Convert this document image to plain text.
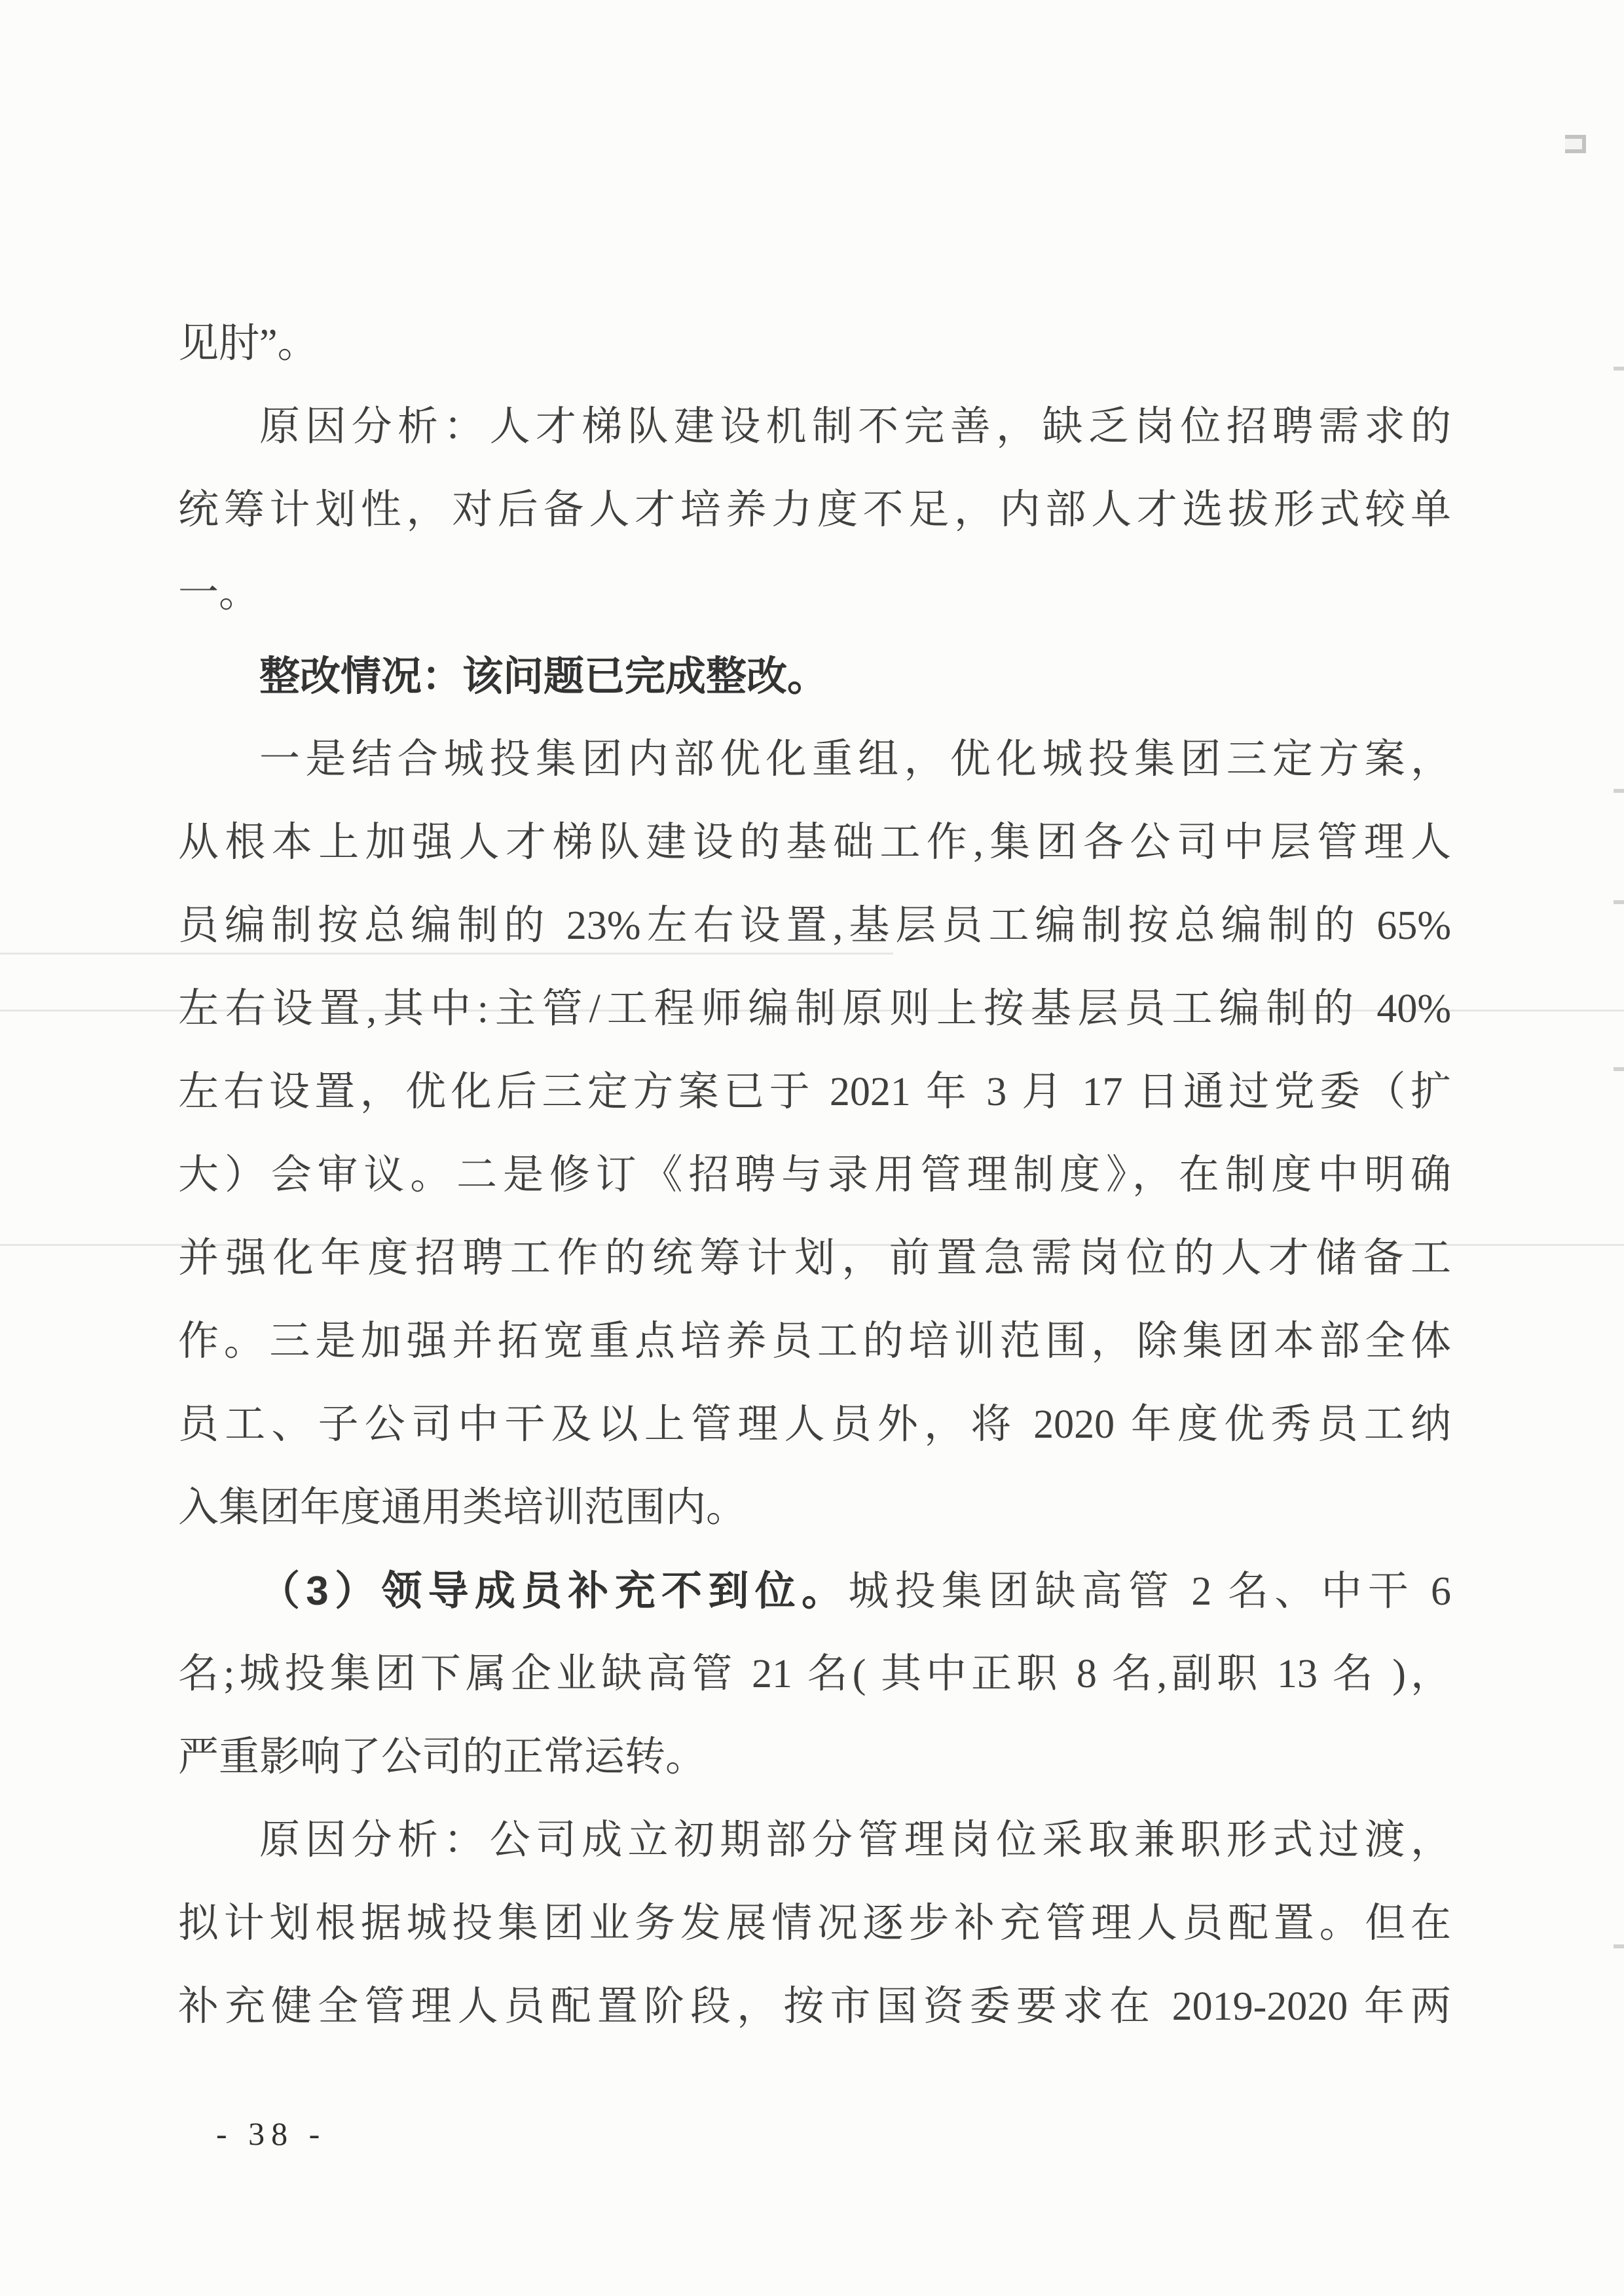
见肘”。
原因分析：人才梯队建设机制不完善，缺乏岗位招聘需求的
统筹计划性，对后备人才培养力度不足，内部人才选拔形式较单
一。
整改情况：该问题已完成整改。
一是结合城投集团内部优化重组，优化城投集团三定方案，
从根本上加强人才梯队建设的基础工作,集团各公司中层管理人
员编制按总编制的 23%左右设置,基层员工编制按总编制的 65%
左右设置,其中:主管/工程师编制原则上按基层员工编制的 40%
左右设置，优化后三定方案已于 2021 年 3 月 17 日通过党委（扩
大）会审议。二是修订《招聘与录用管理制度》，在制度中明确
并强化年度招聘工作的统筹计划，前置急需岗位的人才储备工
作。三是加强并拓宽重点培养员工的培训范围，除集团本部全体
员工、子公司中干及以上管理人员外，将 2020 年度优秀员工纳
入集团年度通用类培训范围内。
（3）领导成员补充不到位。城投集团缺高管 2 名、中干 6
名;城投集团下属企业缺高管 21 名( 其中正职 8 名,副职 13 名 )，
严重影响了公司的正常运转。
原因分析：公司成立初期部分管理岗位采取兼职形式过渡，
拟计划根据城投集团业务发展情况逐步补充管理人员配置。但在
补充健全管理人员配置阶段，按市国资委要求在 2019-2020 年两
- 38 -
